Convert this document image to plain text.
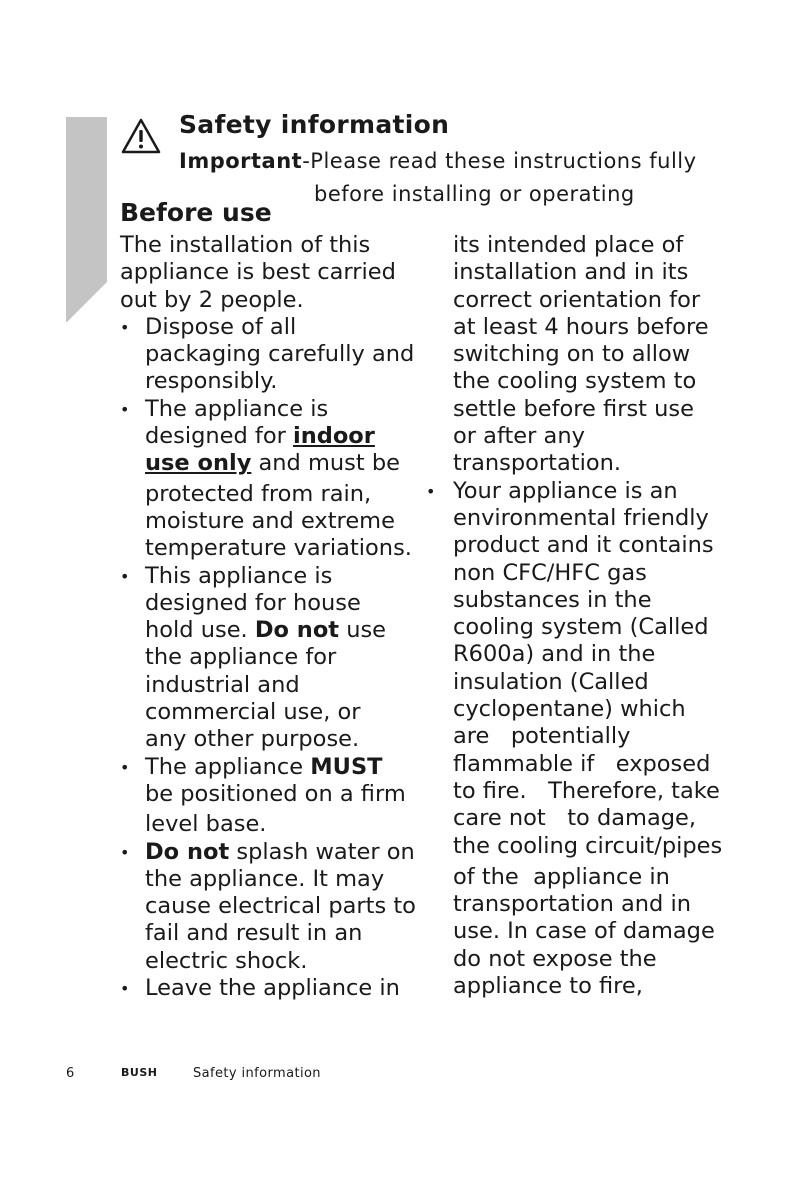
Safety information
Important-Please read these instructions fully
before installing or operating
Before use
The installation of this
appliance is best carried
out by 2 people.
• Dispose of all
packaging carefully and
responsibly.
• The appliance is
designed for indoor
use only and must be
protected from rain,
moisture and extreme
temperature variations.
• This appliance is
designed for house
hold use. Do not use
the appliance for
industrial and
commercial use, or
any other purpose.
• The appliance MUST
be positioned on a firm
level base.
• Do not splash water on
the appliance. It may
cause electrical parts to
fail and result in an
electric shock.
• Leave the appliance in
its intended place of
installation and in its
correct orientation for
at least 4 hours before
switching on to allow
the cooling system to
settle before first use
or after any
transportation.
• Your appliance is an
environmental friendly
product and it contains
non CFC/HFC gas
substances in the
cooling system (Called
R600a) and in the
insulation (Called
cyclopentane) which
are   potentially
flammable if   exposed
to fire.   Therefore, take
care not   to damage,
the cooling circuit/pipes
of the  appliance in
transportation and in
use. In case of damage
do not expose the
appliance to fire,
6	BUSH	Safety information
